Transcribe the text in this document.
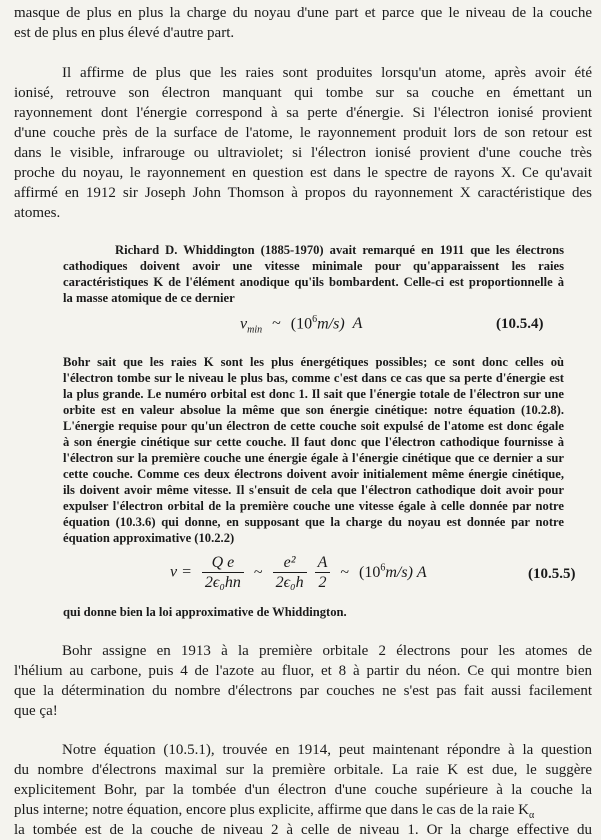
masque de plus en plus la charge du noyau d'une part et parce que le niveau de la couche
est de plus en plus élevé d'autre part.
Il affirme de plus que les raies sont produites lorsqu'un atome, après avoir été
ionisé, retrouve son électron manquant qui tombe sur sa couche en émettant un
rayonnement dont l'énergie correspond à sa perte d'énergie. Si l'électron ionisé provient
d'une couche près de la surface de l'atome, le rayonnement produit lors de son retour est
dans le visible, infrarouge ou ultraviolet; si l'électron ionisé provient d'une couche très
proche du noyau, le rayonnement en question est dans le spectre de rayons X. Ce qu'avait
affirmé en 1912 sir Joseph John Thomson à propos du rayonnement X caractéristique des
atomes.
Richard D. Whiddington (1885-1970) avait remarqué en 1911 que les électrons
cathodiques doivent avoir une vitesse minimale pour qu'apparaissent les raies
caractéristiques K de l'élément anodique qu'ils bombardent. Celle-ci est proportionnelle à
la masse atomique de ce dernier
$v_{min}$ ~ $(10^6m/s)$ A	(10.5.4)
Bohr sait que les raies K sont les plus énergétiques possibles; ce sont donc celles où
l'électron tombe sur le niveau le plus bas, comme c'est dans ce cas que sa perte d'énergie est
la plus grande. Le numéro orbital est donc 1. Il sait que l'énergie totale de l'électron sur une
orbite est en valeur absolue la même que son énergie cinétique: notre équation (10.2.8).
L'énergie requise pour qu'un électron de cette couche soit expulsé de l'atome est donc égale
à son énergie cinétique sur cette couche. Il faut donc que l'électron cathodique fournisse à
l'électron sur la première couche une énergie égale à l'énergie cinétique que ce dernier a sur
cette couche. Comme ces deux électrons doivent avoir initialement même énergie cinétique,
ils doivent avoir même vitesse. Il s'ensuit de cela que l'électron cathodique doit avoir pour
expulser l'électron orbital de la première couche une vitesse égale à celle donnée par notre
équation (10.3.6) qui donne, en supposant que la charge du noyau est donnée par notre
équation approximative (10.2.2)
$v = \frac{\text{Q e}}{\text{2ϵ₀hn}}$ ~ $\frac{\text{e²}}{\text{2ϵ₀h}}$
$\frac{A}{2}$ ~ $(10^6m/s)$ A	(10.5.5)
qui donne bien la loi approximative de Whiddington.
Bohr assigne en 1913 à la première orbitale 2 électrons pour les atomes de
l'hélium au carbone, puis 4 de l'azote au fluor, et 8 à partir du néon. Ce qui montre bien
que la détermination du nombre d'électrons par couches ne s'est pas fait aussi facilement
que ça!
Notre équation (10.5.1), trouvée en 1914, peut maintenant répondre à la question
du nombre d'électrons maximal sur la première orbitale. La raie K est due, le suggère
explicitement Bohr, par la tombée d'un électron d'une couche supérieure à la couche la
plus interne; notre équation, encore plus explicite, affirme que dans le cas de la raie $K_\alpha$
la tombée est de la couche de niveau 2 à celle de niveau 1. Or la charge effective du
